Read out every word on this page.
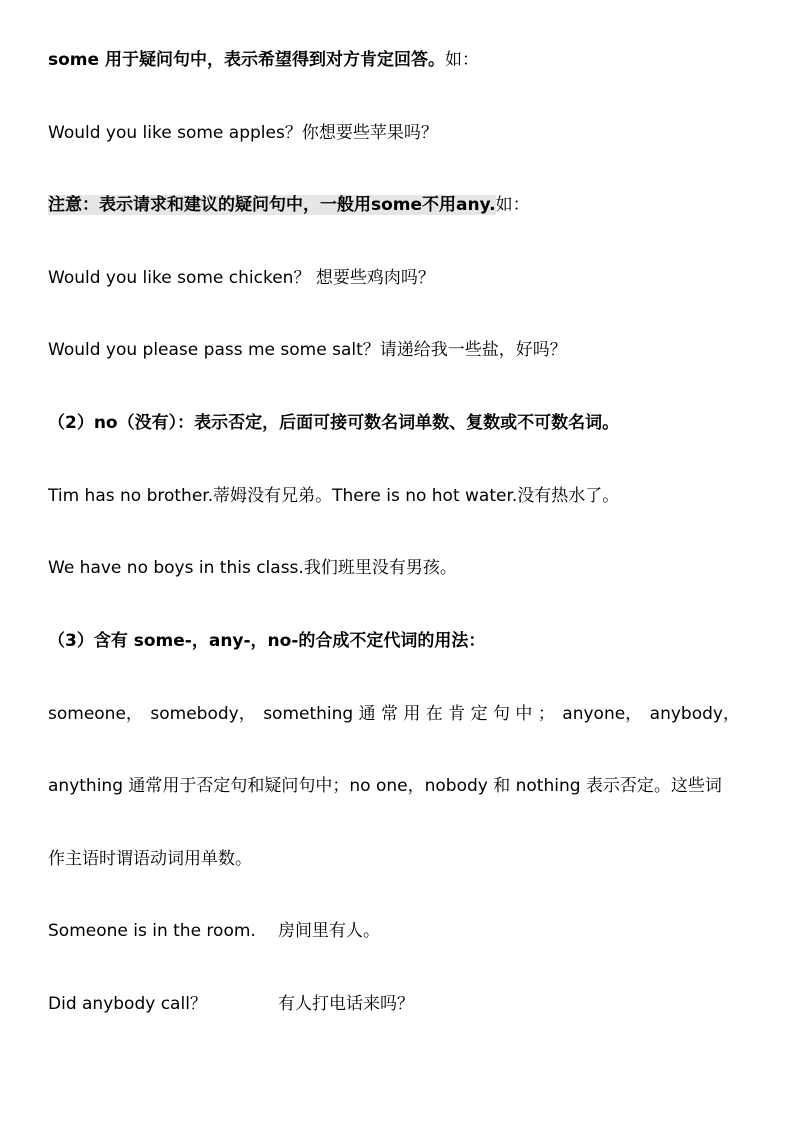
some 用于疑问句中，表示希望得到对方肯定回答。如：
Would you like some apples？你想要些苹果吗？
注意：表示请求和建议的疑问句中，一般用some不用any.如：
Would you like some chicken？ 想要些鸡肉吗？
Would you please pass me some salt？请递给我一些盐，好吗？
（2）no（没有）：表示否定，后面可接可数名词单数、复数或不可数名词。
Tim has no brother.蒂姆没有兄弟。There is no hot water.没有热水了。
We have no boys in this class.我们班里没有男孩。
（3）含有 some-，any-，no-的合成不定代词的用法：
someone， somebody， something 通 常 用 在 肯 定 句 中 ； anyone， anybody，
anything 通常用于否定句和疑问句中；no one，nobody 和 nothing 表示否定。这些词
作主语时谓语动词用单数。
Someone is in the room. 房间里有人。
Did anybody call？	有人打电话来吗？
